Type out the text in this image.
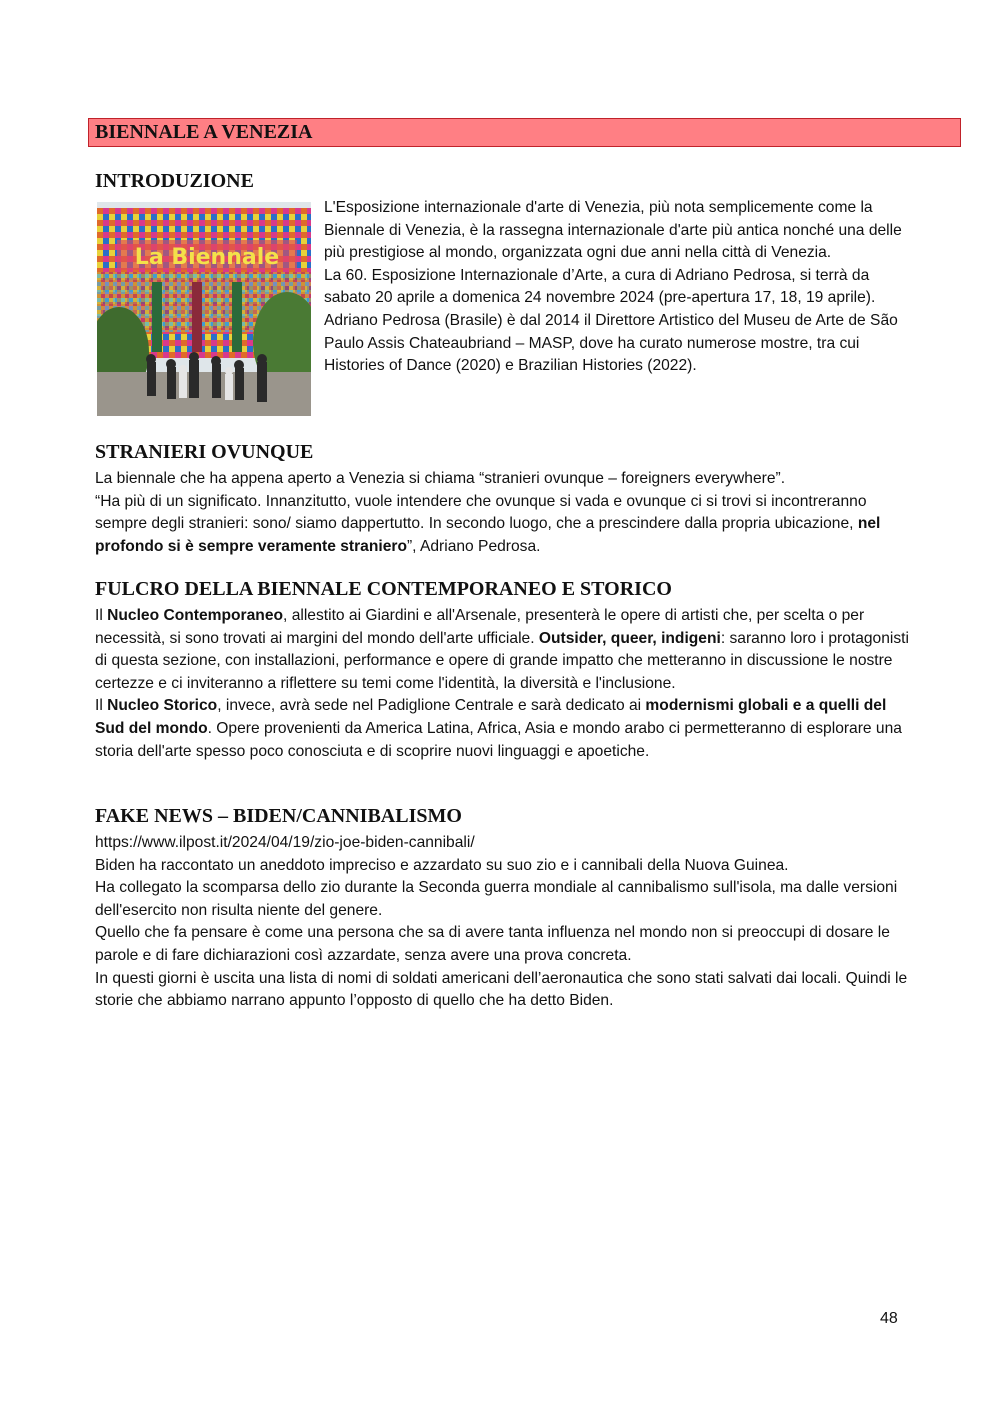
BIENNALE A VENEZIA
INTRODUZIONE
La Biennale

L'Esposizione internazionale d'arte di Venezia, più nota semplicemente come la Biennale di Venezia, è la rassegna internazionale d'arte più antica nonché una delle più prestigiose al mondo, organizzata ogni due anni nella città di Venezia.

La 60. Esposizione Internazionale d’Arte, a cura di Adriano Pedrosa, si terrà da sabato 20 aprile a domenica 24 novembre 2024 (pre-apertura 17, 18, 19 aprile).

Adriano Pedrosa (Brasile) è dal 2014 il Direttore Artistico del Museu de Arte de São Paulo Assis Chateaubriand – MASP, dove ha curato numerose mostre, tra cui Histories of Dance (2020) e Brazilian Histories (2022).

STRANIERI OVUNQUE

La biennale che ha appena aperto a Venezia si chiama “stranieri ovunque – foreigners everywhere”.

“Ha più di un significato. Innanzitutto, vuole intendere che ovunque si vada e ovunque ci si trovi si incontreranno sempre degli stranieri: sono/ siamo dappertutto. In secondo luogo, che a prescindere dalla propria ubicazione, nel profondo si è sempre veramente straniero”, Adriano Pedrosa.

FULCRO DELLA BIENNALE CONTEMPORANEO E STORICO

Il Nucleo Contemporaneo, allestito ai Giardini e all'Arsenale, presenterà le opere di artisti che, per scelta o per necessità, si sono trovati ai margini del mondo dell'arte ufficiale. Outsider, queer, indigeni: saranno loro i protagonisti di questa sezione, con installazioni, performance e opere di grande impatto che metteranno in discussione le nostre certezze e ci inviteranno a riflettere su temi come l'identità, la diversità e l'inclusione.

Il Nucleo Storico, invece, avrà sede nel Padiglione Centrale e sarà dedicato ai modernismi globali e a quelli del Sud del mondo. Opere provenienti da America Latina, Africa, Asia e mondo arabo ci permetteranno di esplorare una storia dell'arte spesso poco conosciuta e di scoprire nuovi linguaggi e apoetiche.

FAKE NEWS – BIDEN/CANNIBALISMO

https://www.ilpost.it/2024/04/19/zio-joe-biden-cannibali/

Biden ha raccontato un aneddoto impreciso e azzardato su suo zio e i cannibali della Nuova Guinea.

Ha collegato la scomparsa dello zio durante la Seconda guerra mondiale al cannibalismo sull'isola, ma dalle versioni dell'esercito non risulta niente del genere.

Quello che fa pensare è come una persona che sa di avere tanta influenza nel mondo non si preoccupi di dosare le parole e di fare dichiarazioni così azzardate, senza avere una prova concreta.

In questi giorni è uscita una lista di nomi di soldati americani dell’aeronautica che sono stati salvati dai locali. Quindi le storie che abbiamo narrano appunto l’opposto di quello che ha detto Biden.

48
